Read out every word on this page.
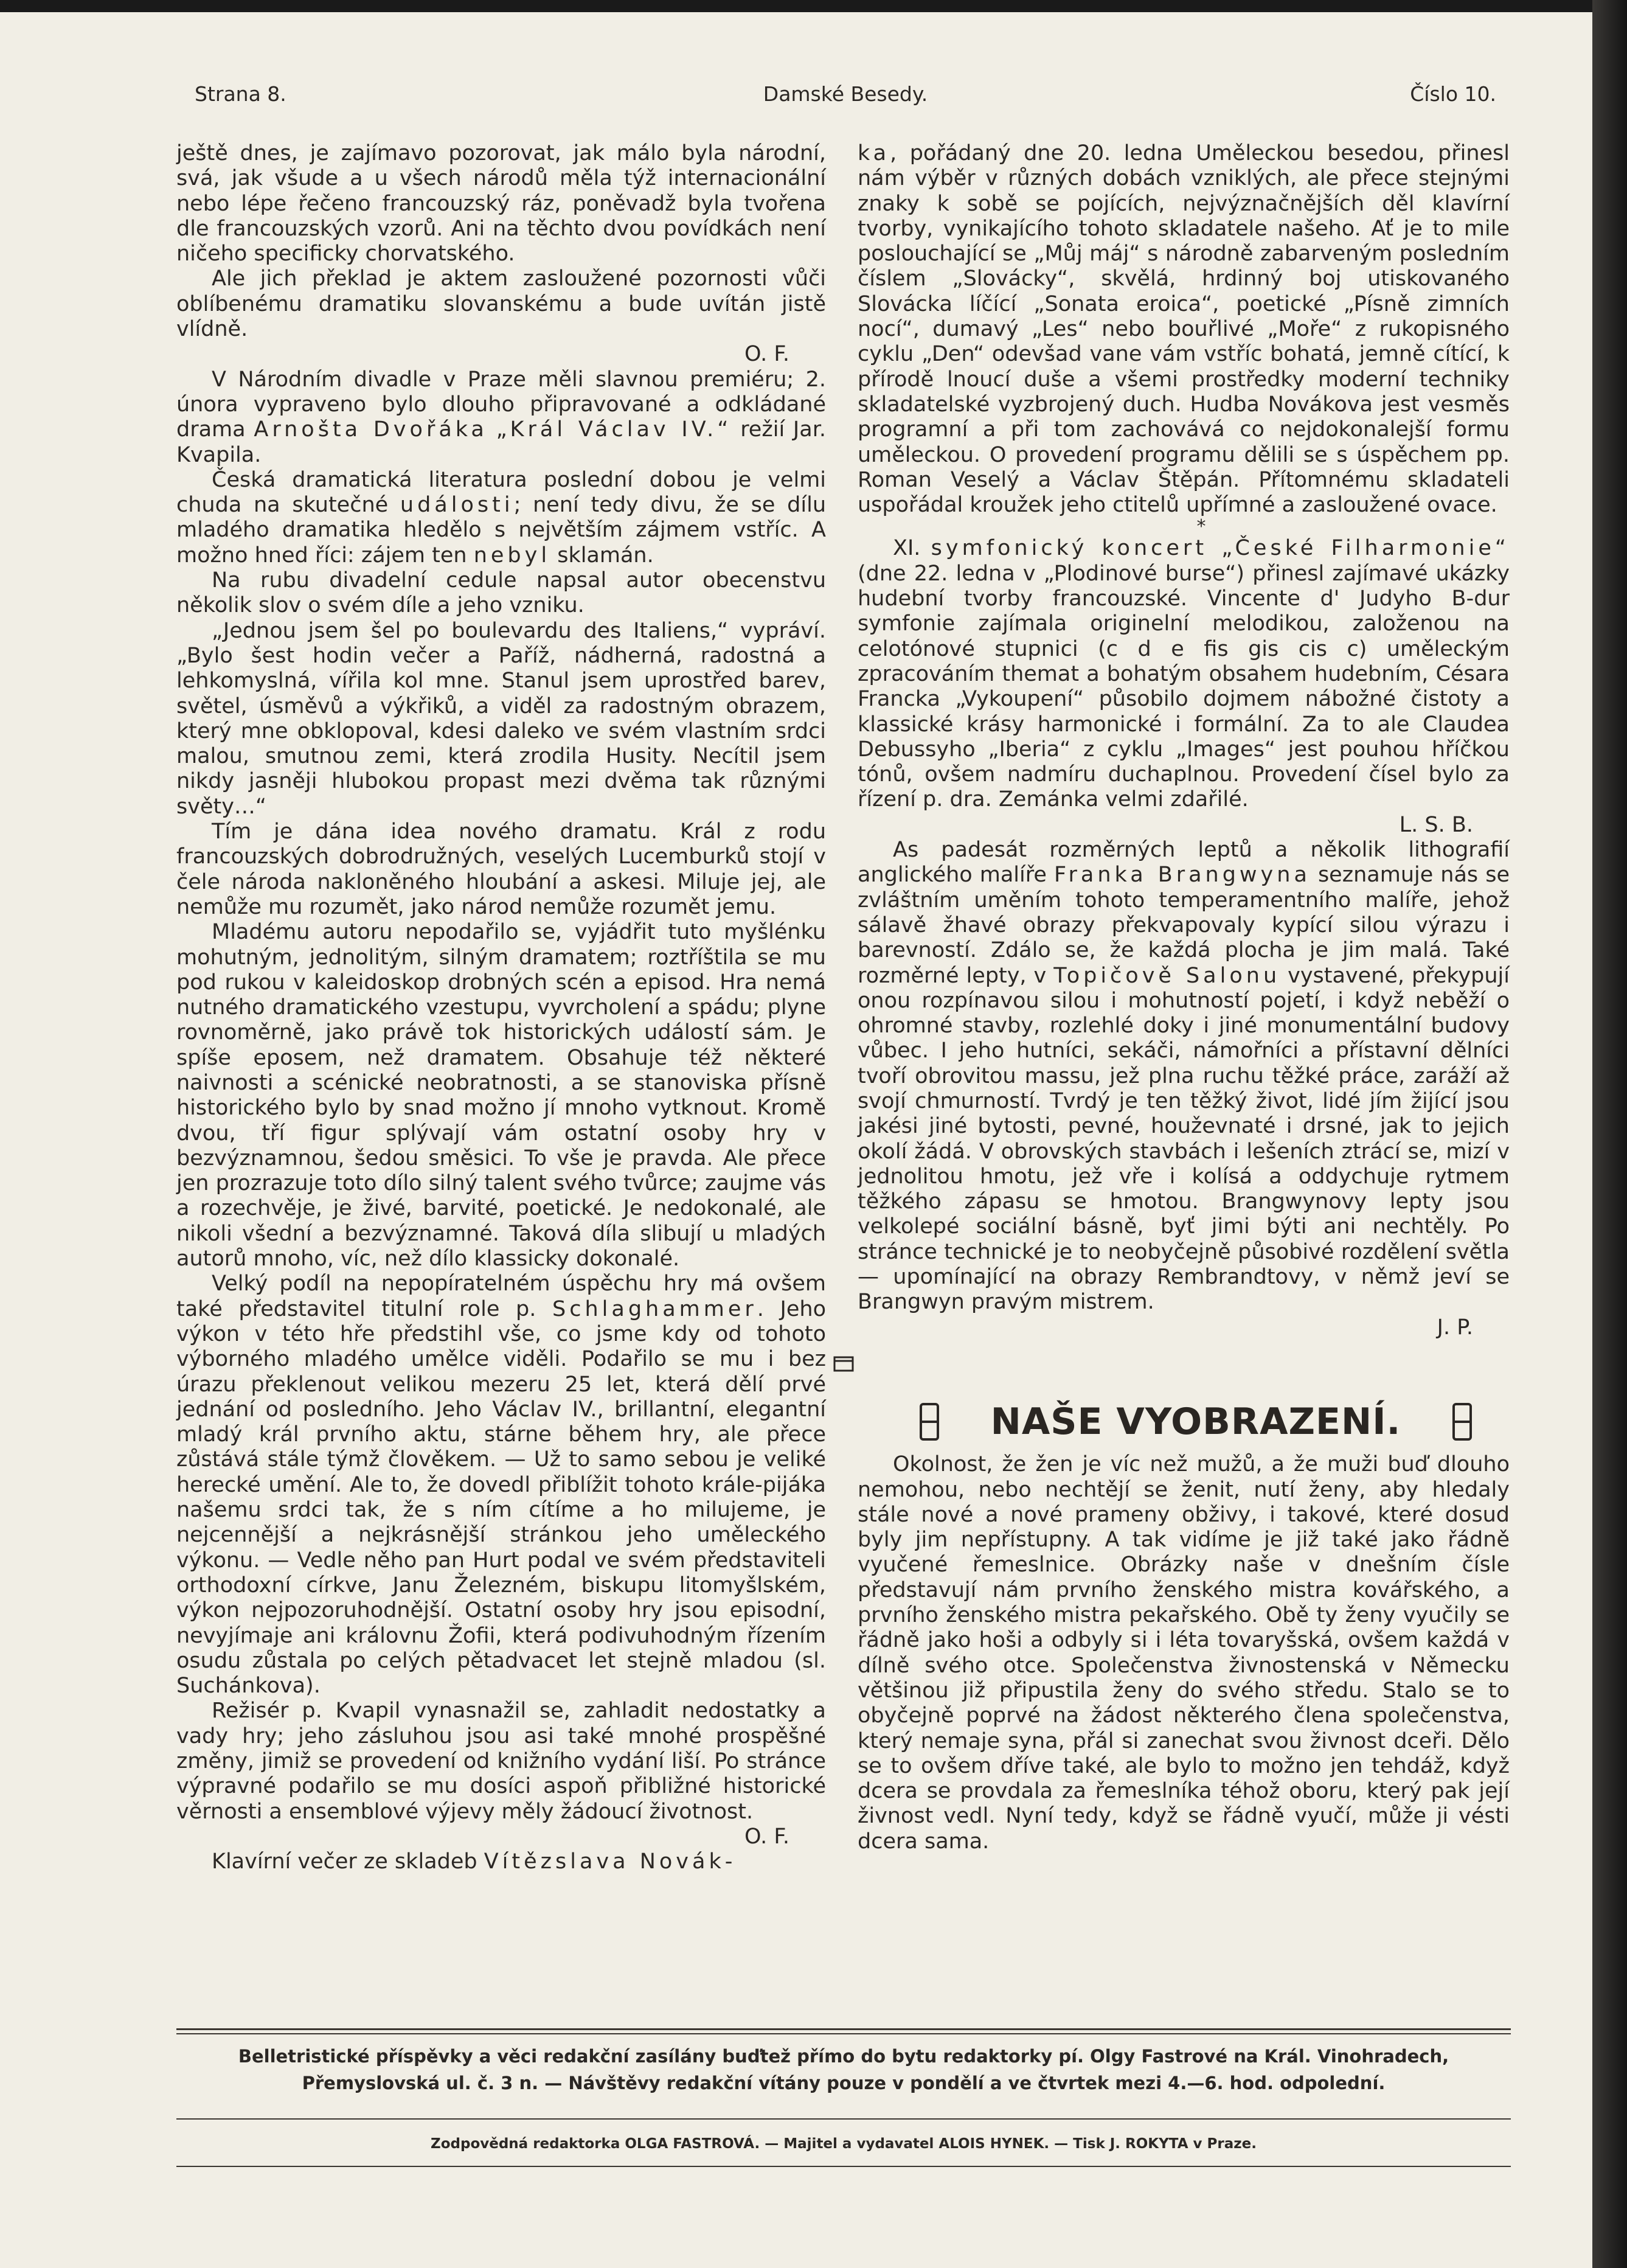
Strana 8.	Damské Besedy.	Číslo 10.

ještě dnes, je zajímavo pozorovat, jak málo byla národní, svá, jak všude a u všech národů měla týž internacionální nebo lépe řečeno francouzský ráz, poněvadž byla tvořena dle francouzských vzorů. Ani na těchto dvou povídkách není ničeho specificky chorvatského.

Ale jich překlad je aktem zasloužené pozornosti vůči oblíbenému dramatiku slovanskému a bude uvítán jistě vlídně.

O. F.

V Národním divadle v Praze měli slavnou premiéru; 2. února vypraveno bylo dlouho připravované a odkládané drama Arnošta Dvořáka „Král Václav IV.“ režií Jar. Kvapila.

Česká dramatická literatura poslední dobou je velmi chuda na skutečné události; není tedy divu, že se dílu mladého dramatika hledělo s největším zájmem vstříc. A možno hned říci: zájem ten nebyl sklamán.

Na rubu divadelní cedule napsal autor obecenstvu několik slov o svém díle a jeho vzniku.

„Jednou jsem šel po boulevardu des Italiens,“ vypráví. „Bylo šest hodin večer a Paříž, nádherná, radostná a lehkomyslná, vířila kol mne. Stanul jsem uprostřed barev, světel, úsměvů a výkřiků, a viděl za radostným obrazem, který mne obklopoval, kdesi daleko ve svém vlastním srdci malou, smutnou zemi, která zrodila Husity. Necítil jsem nikdy jasněji hlubokou propast mezi dvěma tak různými světy…“

Tím je dána idea nového dramatu. Král z rodu francouzských dobrodružných, veselých Lucemburků stojí v čele národa nakloněného hloubání a askesi. Miluje jej, ale nemůže mu rozumět, jako národ nemůže rozumět jemu.

Mladému autoru nepodařilo se, vyjádřit tuto myšlénku mohutným, jednolitým, silným dramatem; roztříštila se mu pod rukou v kaleidoskop drobných scén a episod. Hra nemá nutného dramatického vzestupu, vyvrcholení a spádu; plyne rovnoměrně, jako právě tok historických událostí sám. Je spíše eposem, než dramatem. Obsahuje též některé naivnosti a scénické neobratnosti, a se stanoviska přísně historického bylo by snad možno jí mnoho vytknout. Kromě dvou, tří figur splývají vám ostatní osoby hry v bezvýznamnou, šedou směsici. To vše je pravda. Ale přece jen prozrazuje toto dílo silný talent svého tvůrce; zaujme vás a rozechvěje, je živé, barvité, poetické. Je nedokonalé, ale nikoli všední a bezvýznamné. Taková díla slibují u mladých autorů mnoho, víc, než dílo klassicky dokonalé.

Velký podíl na nepopíratelném úspěchu hry má ovšem také představitel titulní role p. Schlaghammer. Jeho výkon v této hře předstihl vše, co jsme kdy od tohoto výborného mladého umělce viděli. Podařilo se mu i bez úrazu překlenout velikou mezeru 25 let, která dělí prvé jednání od posledního. Jeho Václav IV., brillantní, elegantní mladý král prvního aktu, stárne během hry, ale přece zůstává stále týmž člověkem. — Už to samo sebou je veliké herecké umění. Ale to, že dovedl přiblížit tohoto krále-pijáka našemu srdci tak, že s ním cítíme a ho milujeme, je nejcennější a nejkrásnější stránkou jeho uměleckého výkonu. — Vedle něho pan Hurt podal ve svém představiteli orthodoxní církve, Janu Železném, biskupu litomyšlském, výkon nejpozoruhodnější. Ostatní osoby hry jsou episodní, nevyjímaje ani královnu Žofii, která podivuhodným řízením osudu zůstala po celých pětadvacet let stejně mladou (sl. Suchánkova).

Režisér p. Kvapil vynasnažil se, zahladit nedostatky a vady hry; jeho zásluhou jsou asi také mnohé prospěšné změny, jimiž se provedení od knižního vydání liší. Po stránce výpravné podařilo se mu dosíci aspoň přibližné historické věrnosti a ensemblové výjevy měly žádoucí životnost.

O. F.

Klavírní večer ze skladeb Vítězslava Novák-

ka, pořádaný dne 20. ledna Uměleckou besedou, přinesl nám výběr v různých dobách vzniklých, ale přece stejnými znaky k sobě se pojících, nejvýznačnějších děl klavírní tvorby, vynikajícího tohoto skladatele našeho. Ať je to mile poslouchající se „Můj máj“ s národně zabarveným posledním číslem „Slovácky“, skvělá, hrdinný boj utiskovaného Slovácka líčící „Sonata eroica“, poetické „Písně zimních nocí“, dumavý „Les“ nebo bouřlivé „Moře“ z rukopisného cyklu „Den“ odevšad vane vám vstříc bohatá, jemně cítící, k přírodě lnoucí duše a všemi prostředky moderní techniky skladatelské vyzbrojený duch. Hudba Novákova jest vesměs programní a při tom zachovává co nejdokonalejší formu uměleckou. O provedení programu dělili se s úspěchem pp. Roman Veselý a Václav Štěpán. Přítomnému skladateli uspořádal kroužek jeho ctitelů upřímné a zasloužené ovace.

*

XI. symfonický koncert „České Filharmonie“ (dne 22. ledna v „Plodinové burse“) přinesl zajímavé ukázky hudební tvorby francouzské. Vincente d' Judyho B-dur symfonie zajímala originelní melodikou, založenou na celotónové stupnici (c d e fis gis cis c) uměleckým zpracováním themat a bohatým obsahem hudebním, Césara Francka „Vykoupení“ působilo dojmem nábožné čistoty a klassické krásy harmonické i formální. Za to ale Claudea Debussyho „Iberia“ z cyklu „Images“ jest pouhou hříčkou tónů, ovšem nadmíru duchaplnou. Provedení čísel bylo za řízení p. dra. Zemánka velmi zdařilé.

L. S. B.

As padesát rozměrných leptů a několik lithografií anglického malíře Franka Brangwyna seznamuje nás se zvláštním uměním tohoto temperamentního malíře, jehož sálavě žhavé obrazy překvapovaly kypící silou výrazu i barevností. Zdálo se, že každá plocha je jim malá. Také rozměrné lepty, v Topičově Salonu vystavené, překypují onou rozpínavou silou i mohutností pojetí, i když neběží o ohromné stavby, rozlehlé doky i jiné monumentální budovy vůbec. I jeho hutníci, sekáči, námořníci a přístavní dělníci tvoří obrovitou massu, jež plna ruchu těžké práce, zaráží až svojí chmurností. Tvrdý je ten těžký život, lidé jím žijící jsou jakési jiné bytosti, pevné, houževnaté i drsné, jak to jejich okolí žádá. V obrovských stavbách i lešeních ztrácí se, mizí v jednolitou hmotu, jež vře i kolísá a oddychuje rytmem těžkého zápasu se hmotou. Brangwynovy lepty jsou velkolepé sociální básně, byť jimi býti ani nechtěly. Po stránce technické je to neobyčejně působivé rozdělení světla — upomínající na obrazy Rembrandtovy, v němž jeví se Brangwyn pravým mistrem.

J. P.
NAŠE VYOBRAZENÍ.

Okolnost, že žen je víc než mužů, a že muži buď dlouho nemohou, nebo nechtějí se ženit, nutí ženy, aby hledaly stále nové a nové prameny obživy, i takové, které dosud byly jim nepřístupny. A tak vidíme je již také jako řádně vyučené řemeslnice. Obrázky naše v dnešním čísle představují nám prvního ženského mistra kovářského, a prvního ženského mistra pekařského. Obě ty ženy vyučily se řádně jako hoši a odbyly si i léta tovaryšská, ovšem každá v dílně svého otce. Společenstva živnostenská v Německu většinou již připustila ženy do svého středu. Stalo se to obyčejně poprvé na žádost některého člena společenstva, který nemaje syna, přál si zanechat svou živnost dceři. Dělo se to ovšem dříve také, ale bylo to možno jen tehdáž, když dcera se provdala za řemeslníka téhož oboru, který pak její živnost vedl. Nyní tedy, když se řádně vyučí, může ji vésti dcera sama.

Belletristické příspěvky a věci redakční zasílány buďtež přímo do bytu redaktorky pí. Olgy Fastrové na Král. Vinohradech,
Přemyslovská ul. č. 3 n. — Návštěvy redakční vítány pouze v pondělí a ve čtvrtek mezi 4.—6. hod. odpolední.
Zodpovědná redaktorka OLGA FASTROVÁ. — Majitel a vydavatel ALOIS HYNEK. — Tisk J. ROKYTA v Praze.
